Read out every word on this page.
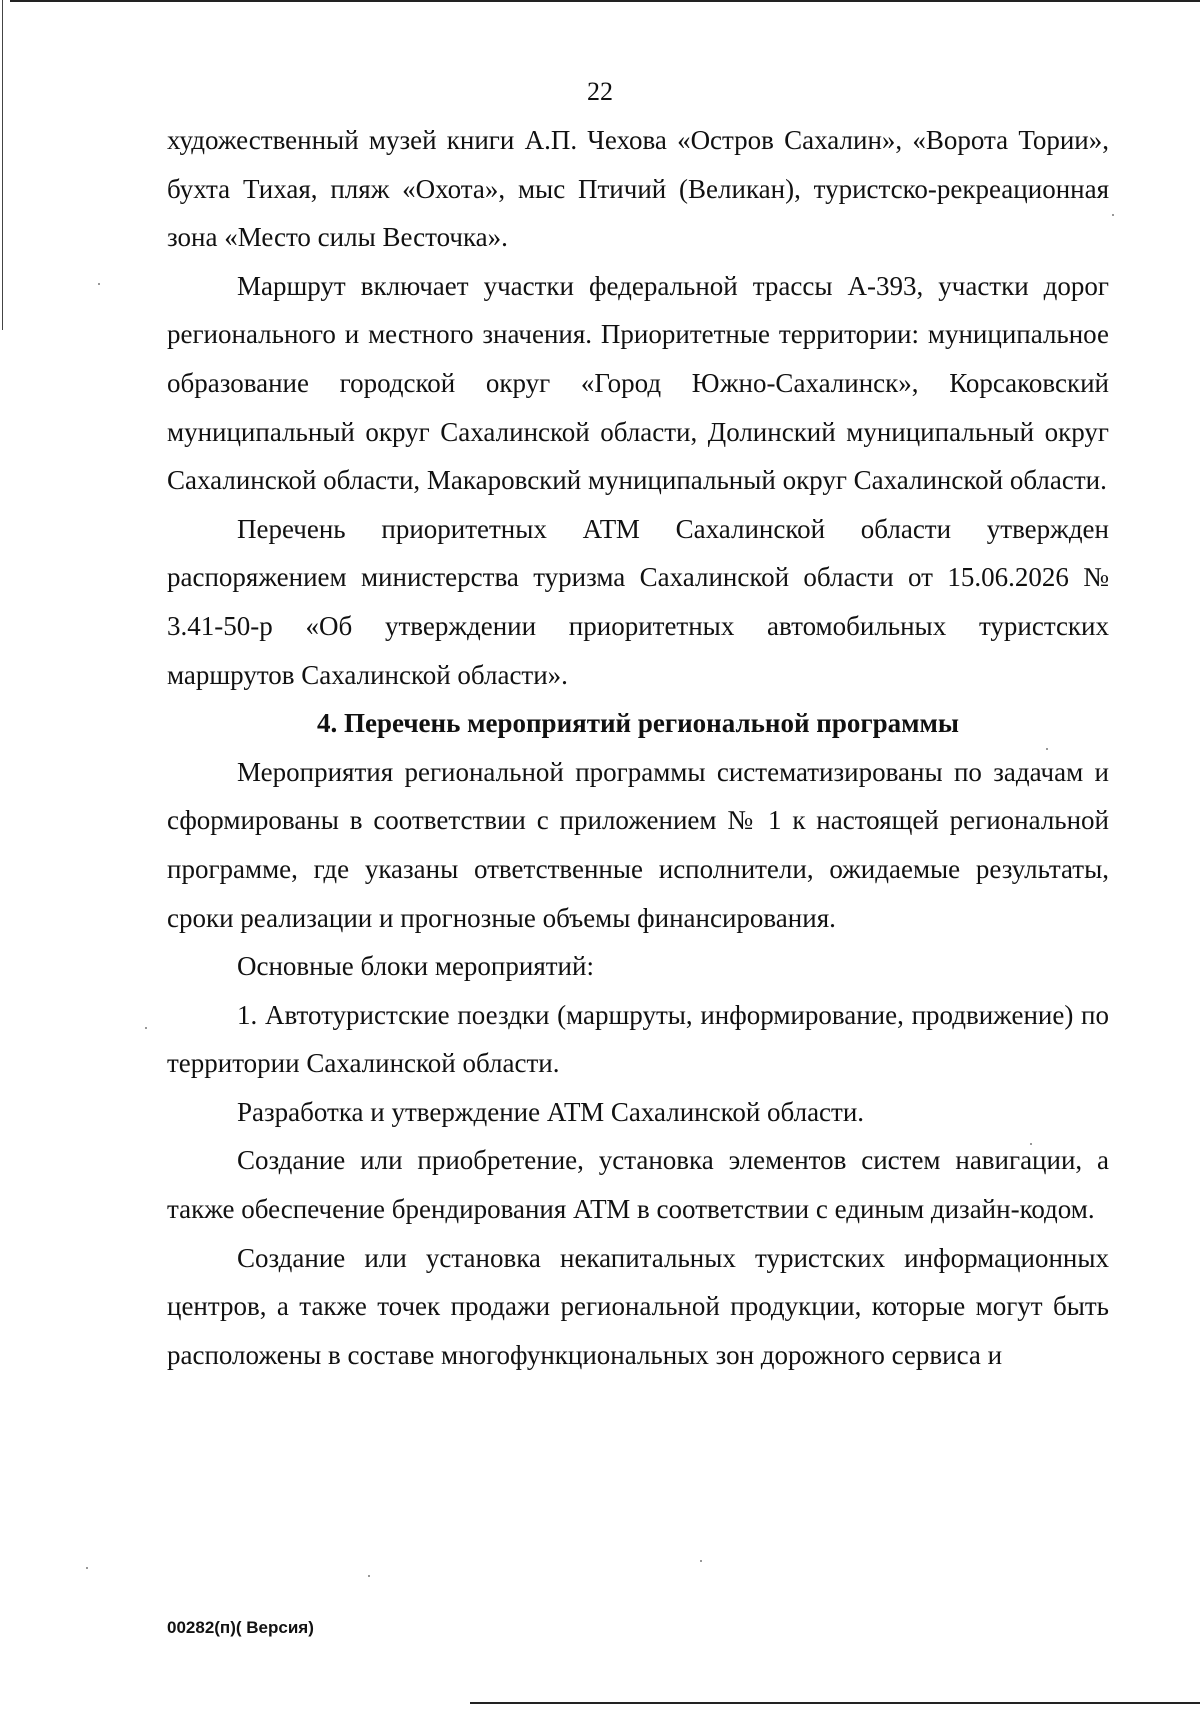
22

художественный музей книги А.П. Чехова «Остров Сахалин», «Ворота Тории», бухта Тихая, пляж «Охота», мыс Птичий (Великан), туристско-рекреационная зона «Место силы Весточка».

Маршрут включает участки федеральной трассы А-393, участки дорог регионального и местного значения. Приоритетные территории: муниципальное образование городской округ «Город Южно-Сахалинск», Корсаковский муниципальный округ Сахалинской области, Долинский муниципальный округ Сахалинской области, Макаровский муниципальный округ Сахалинской области.

Перечень приоритетных АТМ Сахалинской области утвержден распоряжением министерства туризма Сахалинской области от 15.06.2026 № 3.41-50-р «Об утверждении приоритетных автомобильных туристских маршрутов Сахалинской области».

4. Перечень мероприятий региональной программы

Мероприятия региональной программы систематизированы по задачам и сформированы в соответствии с приложением № 1 к настоящей региональной программе, где указаны ответственные исполнители, ожидаемые результаты, сроки реализации и прогнозные объемы финансирования.

Основные блоки мероприятий:

1. Автотуристские поездки (маршруты, информирование, продвижение) по территории Сахалинской области.

Разработка и утверждение АТМ Сахалинской области.

Создание или приобретение, установка элементов систем навигации, а также обеспечение брендирования АТМ в соответствии с единым дизайн-кодом.

Создание или установка некапитальных туристских информационных центров, а также точек продажи региональной продукции, которые могут быть расположены в составе многофункциональных зон дорожного сервиса и

00282(п)( Версия)
